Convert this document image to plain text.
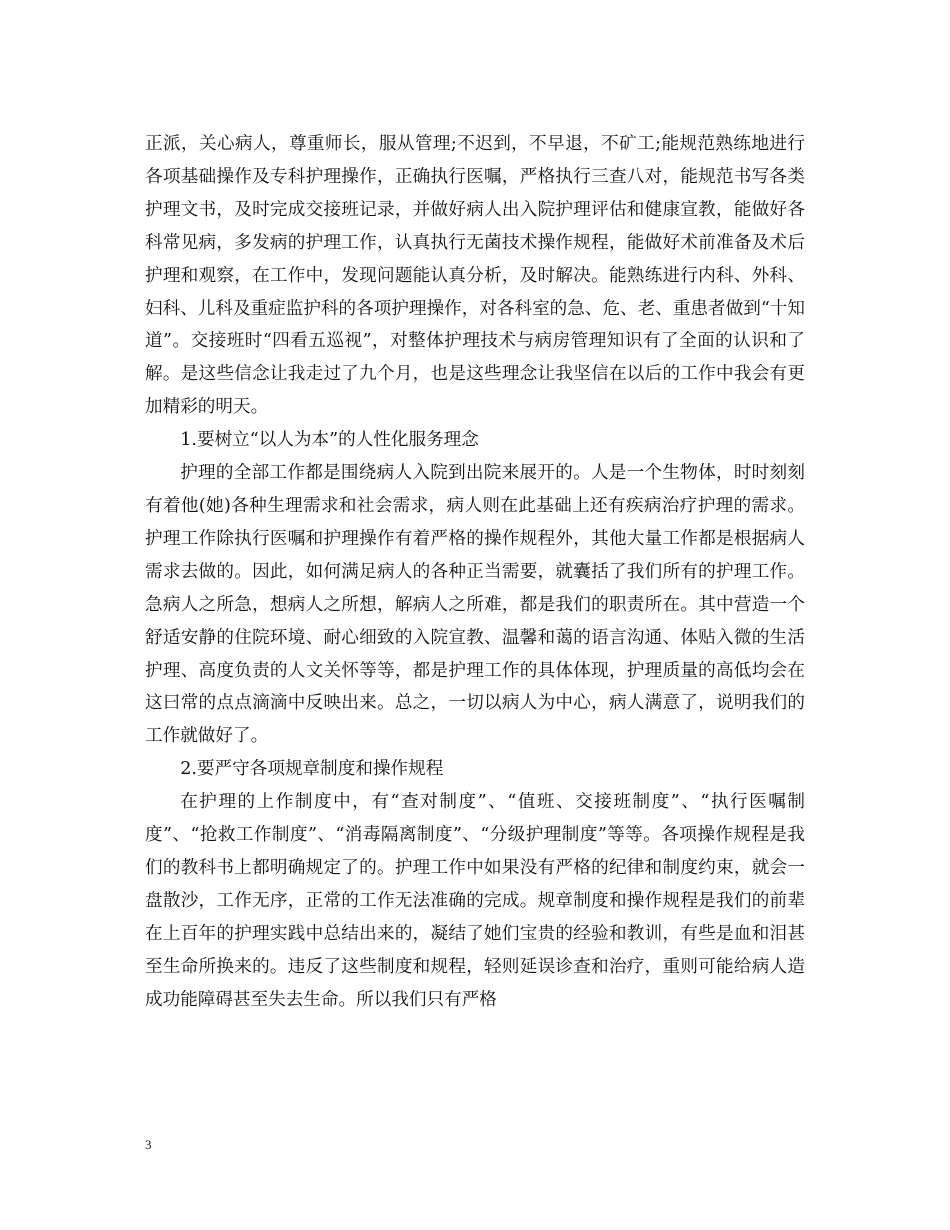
正派，关心病人，尊重师长，服从管理;不迟到，不早退，不矿工;能规范熟练地进行各项基础操作及专科护理操作，正确执行医嘱，严格执行三查八对，能规范书写各类护理文书，及时完成交接班记录，并做好病人出入院护理评估和健康宣教，能做好各科常见病，多发病的护理工作，认真执行无菌技术操作规程，能做好术前准备及术后护理和观察，在工作中，发现问题能认真分析，及时解决。能熟练进行内科、外科、妇科、儿科及重症监护科的各项护理操作，对各科室的急、危、老、重患者做到“十知道”。交接班时“四看五巡视”，对整体护理技术与病房管理知识有了全面的认识和了解。是这些信念让我走过了九个月，也是这些理念让我坚信在以后的工作中我会有更加精彩的明天。

1.要树立“以人为本”的人性化服务理念

护理的全部工作都是围绕病人入院到出院来展开的。人是一个生物体，时时刻刻有着他(她)各种生理需求和社会需求，病人则在此基础上还有疾病治疗护理的需求。护理工作除执行医嘱和护理操作有着严格的操作规程外，其他大量工作都是根据病人需求去做的。因此，如何满足病人的各种正当需要，就囊括了我们所有的护理工作。急病人之所急，想病人之所想，解病人之所难，都是我们的职责所在。其中营造一个舒适安静的住院环境、耐心细致的入院宣教、温馨和蔼的语言沟通、体贴入微的生活护理、高度负责的人文关怀等等，都是护理工作的具体体现，护理质量的高低均会在这曰常的点点滴滴中反映出来。总之，一切以病人为中心，病人满意了，说明我们的工作就做好了。

2.要严守各项规章制度和操作规程

在护理的上作制度中，有“查对制度”、“值班、交接班制度”、“执行医嘱制度”、“抢救工作制度”、“消毒隔离制度”、“分级护理制度”等等。各项操作规程是我们的教科书上都明确规定了的。护理工作中如果没有严格的纪律和制度约束，就会一盘散沙，工作无序，正常的工作无法准确的完成。规章制度和操作规程是我们的前辈在上百年的护理实践中总结出来的，凝结了她们宝贵的经验和教训，有些是血和泪甚至生命所换来的。违反了这些制度和规程，轻则延误诊查和治疗，重则可能给病人造成功能障碍甚至失去生命。所以我们只有严格

3
